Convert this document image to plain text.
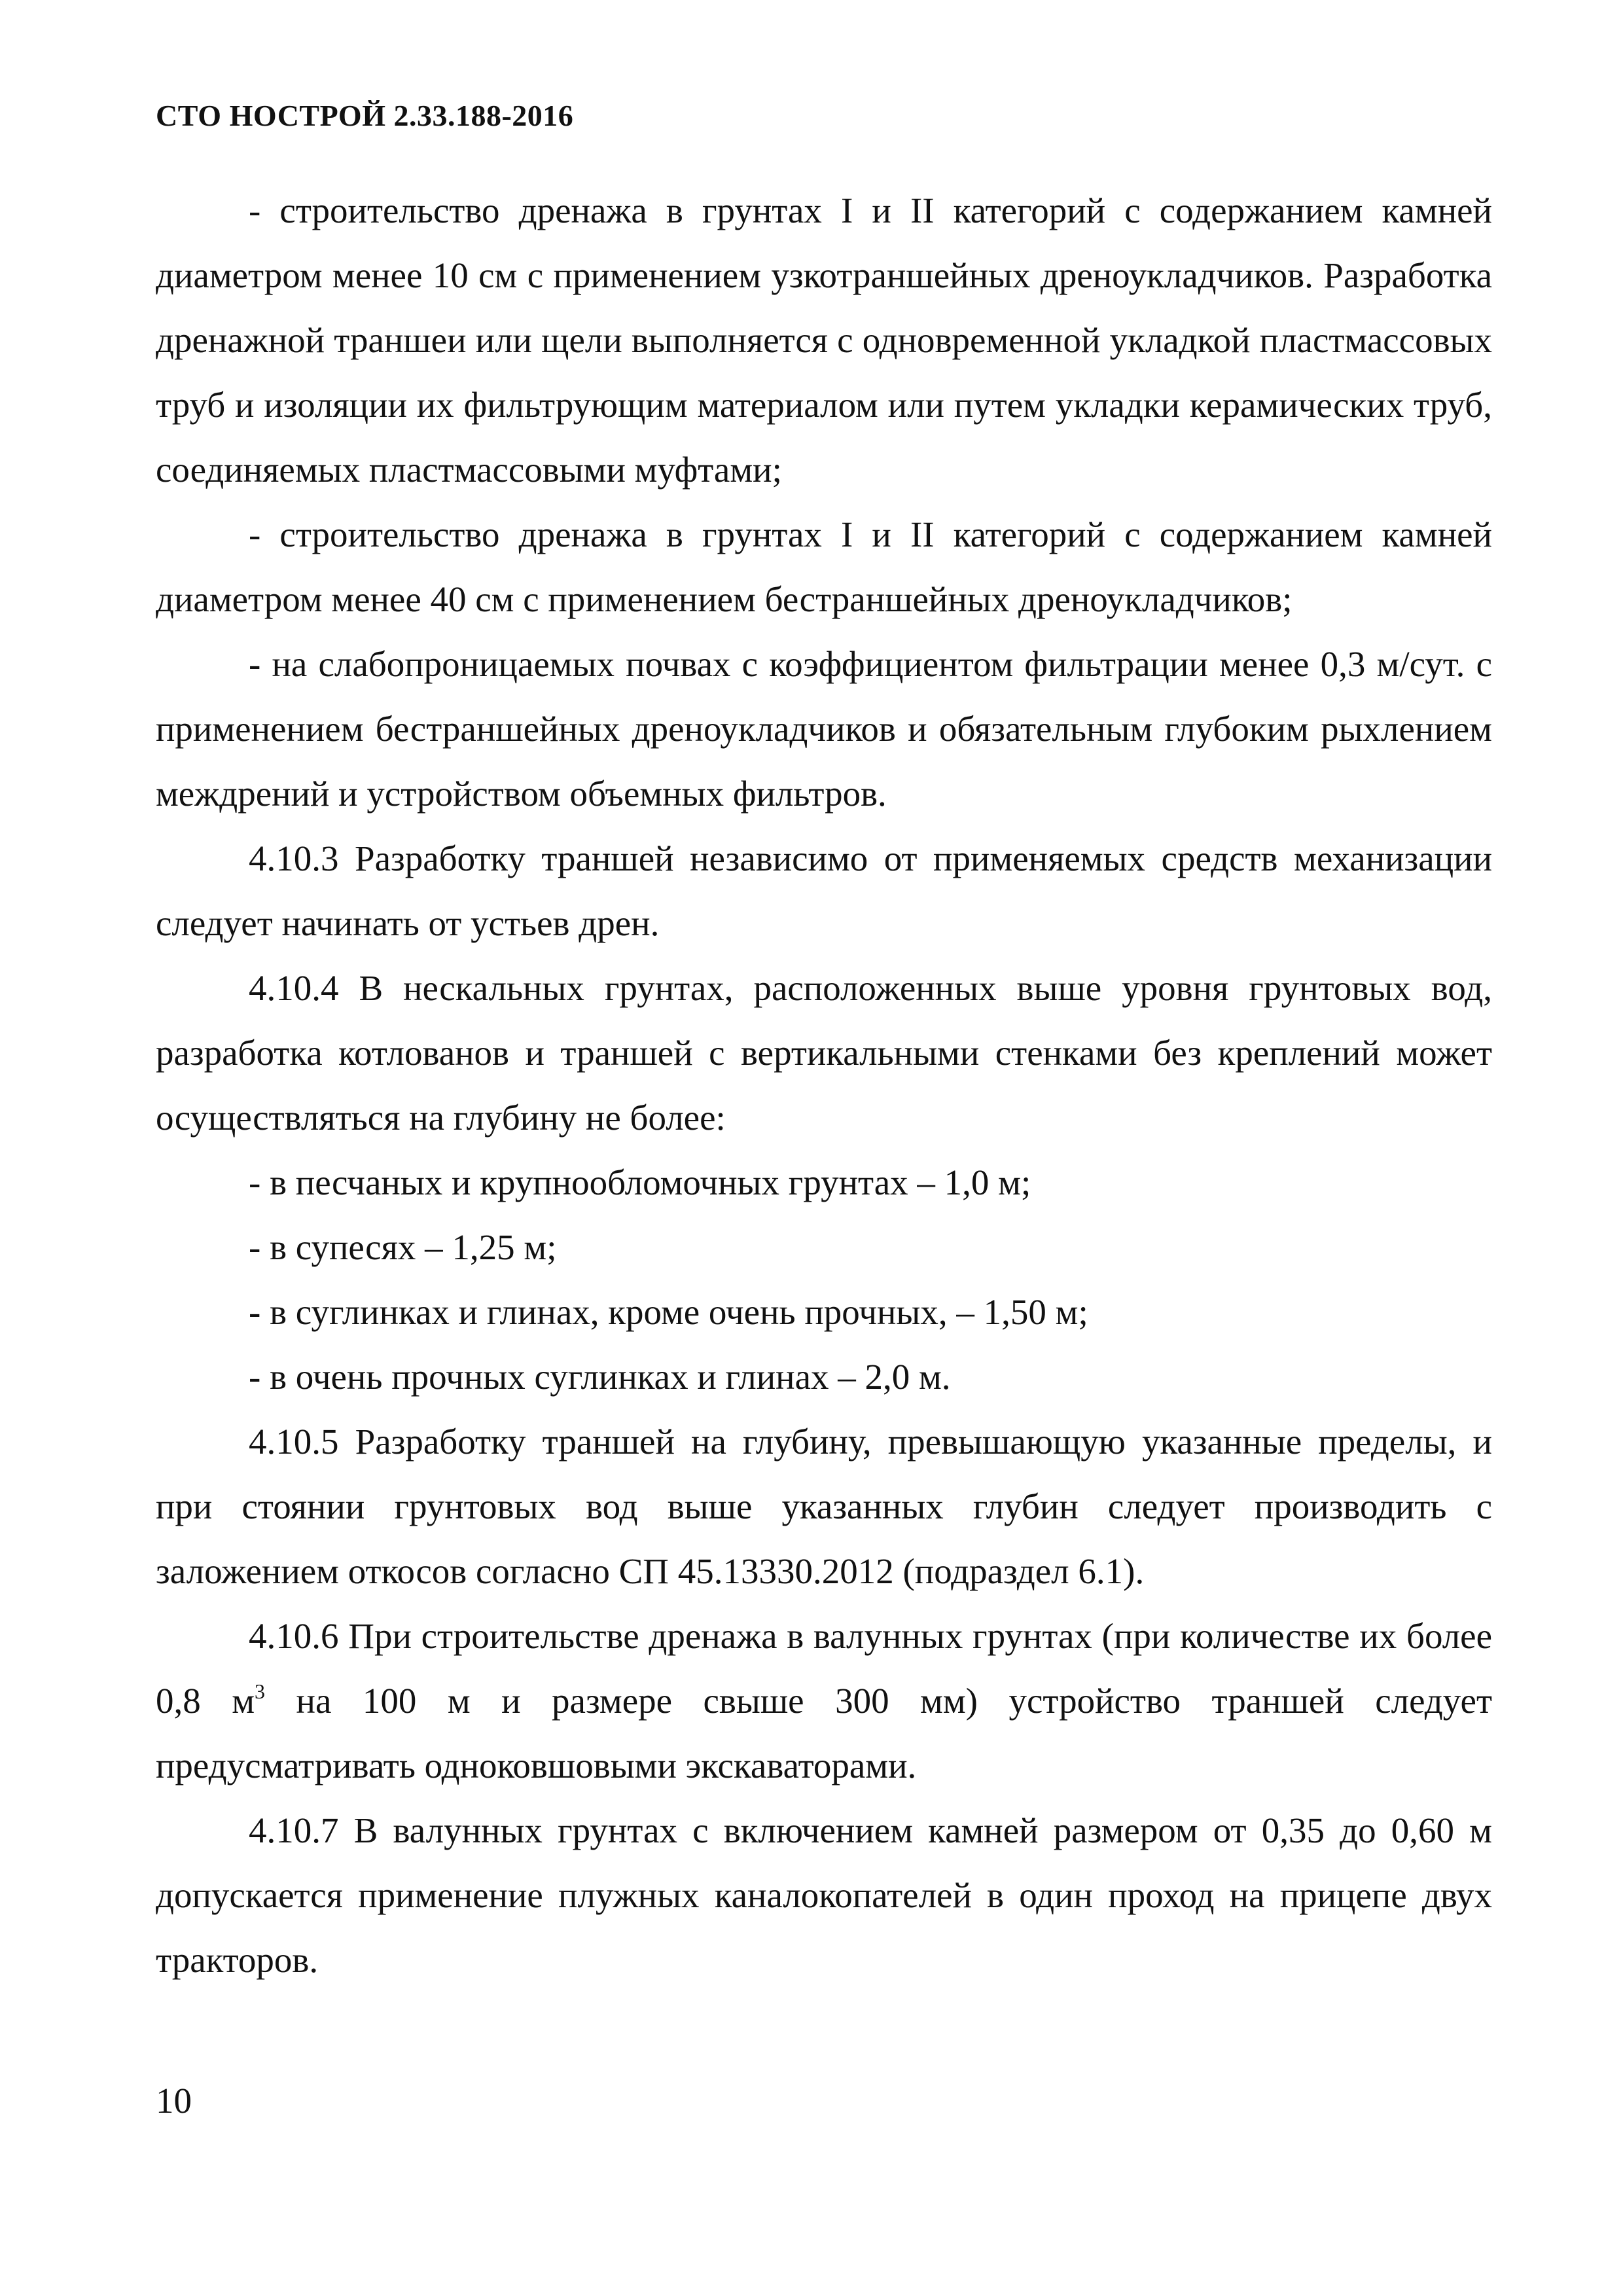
СТО НОСТРОЙ 2.33.188-2016

- строительство дренажа в грунтах I и II категорий с содержанием камней диаметром менее 10 см с применением узкотраншейных дреноукладчиков. Разработка дренажной траншеи или щели выполняется с одновременной укладкой пластмассовых труб и изоляции их фильтрующим материалом или путем укладки керамических труб, соединяемых пластмассовыми муфтами;

- строительство дренажа в грунтах I и II категорий с содержанием камней диаметром менее 40 см с применением бестраншейных дреноукладчиков;

- на слабопроницаемых почвах с коэффициентом фильтрации менее 0,3 м/сут. с применением бестраншейных дреноукладчиков и обязательным глубоким рыхлением междрений и устройством объемных фильтров.

4.10.3 Разработку траншей независимо от применяемых средств механизации следует начинать от устьев дрен.

4.10.4 В нескальных грунтах, расположенных выше уровня грунтовых вод, разработка котлованов и траншей с вертикальными стенками без креплений может осуществляться на глубину не более:

- в песчаных и крупнообломочных грунтах – 1,0 м;

- в супесях – 1,25 м;

- в суглинках и глинах, кроме очень прочных, – 1,50 м;

- в очень прочных суглинках и глинах – 2,0 м.

4.10.5 Разработку траншей на глубину, превышающую указанные пределы, и при стоянии грунтовых вод выше указанных глубин следует производить с заложением откосов согласно СП 45.13330.2012 (подраздел 6.1).

4.10.6 При строительстве дренажа в валунных грунтах (при количестве их более 0,8 $м^3$ на 100 м и размере свыше 300 мм) устройство траншей следует предусматривать одноковшовыми экскаваторами.

4.10.7 В валунных грунтах с включением камней размером от 0,35 до 0,60 м допускается применение плужных каналокопателей в один проход на прицепе двух тракторов.

10
